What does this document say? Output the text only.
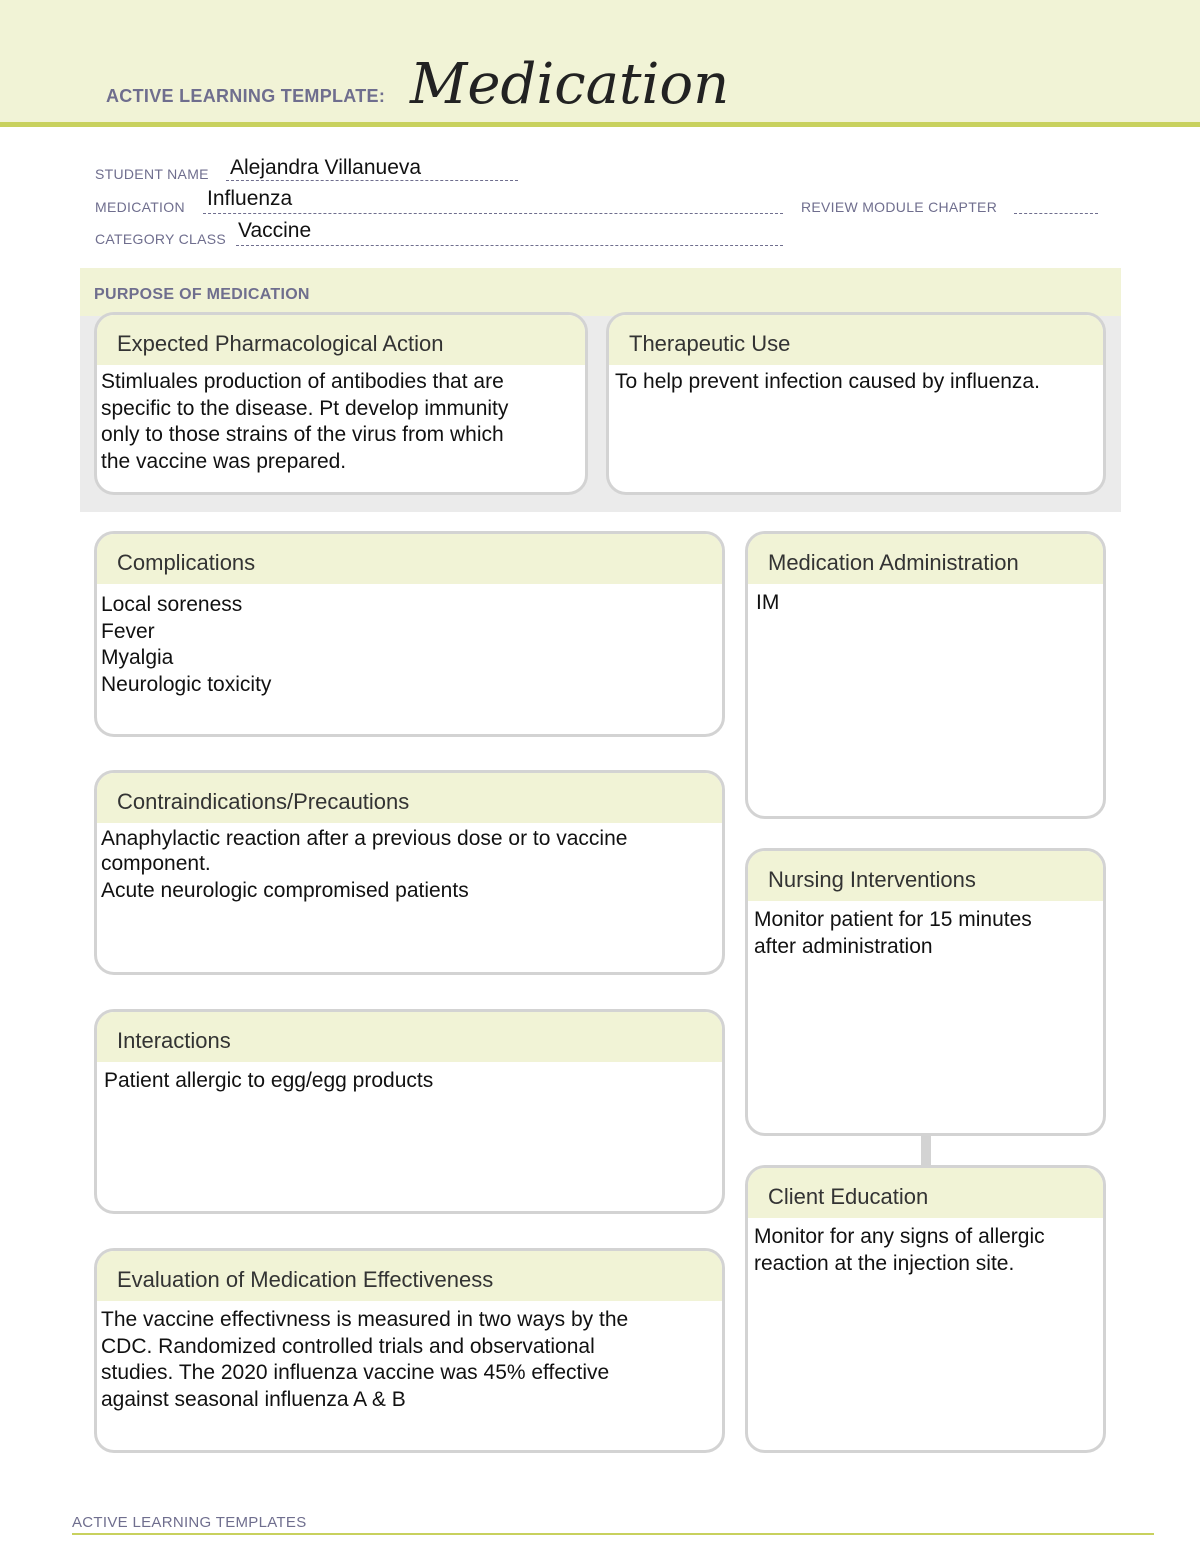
ACTIVE LEARNING TEMPLATE: Medication
STUDENT NAME Alejandra Villanueva
MEDICATION Influenza	REVIEW MODULE CHAPTER
CATEGORY CLASS Vaccine
PURPOSE OF MEDICATION
Expected Pharmacological Action
Stimluales production of antibodies that are
specific to the disease. Pt develop immunity
only to those strains of the virus from which
the vaccine was prepared.
Therapeutic Use
To help prevent infection caused by influenza.
Complications
Local soreness
Fever
Myalgia
Neurologic toxicity
Contraindications/Precautions
Anaphylactic reaction after a previous dose or to vaccine
component.
Acute neurologic compromised patients
Interactions
Patient allergic to egg/egg products
Evaluation of Medication Effectiveness
The vaccine effectivness is measured in two ways by the
CDC. Randomized controlled trials and observational
studies. The 2020 influenza vaccine was 45% effective
against seasonal influenza A & B
Medication Administration
IM
Nursing Interventions
Monitor patient for 15 minutes
after administration
Client Education
Monitor for any signs of allergic
reaction at the injection site.
ACTIVE LEARNING TEMPLATES
